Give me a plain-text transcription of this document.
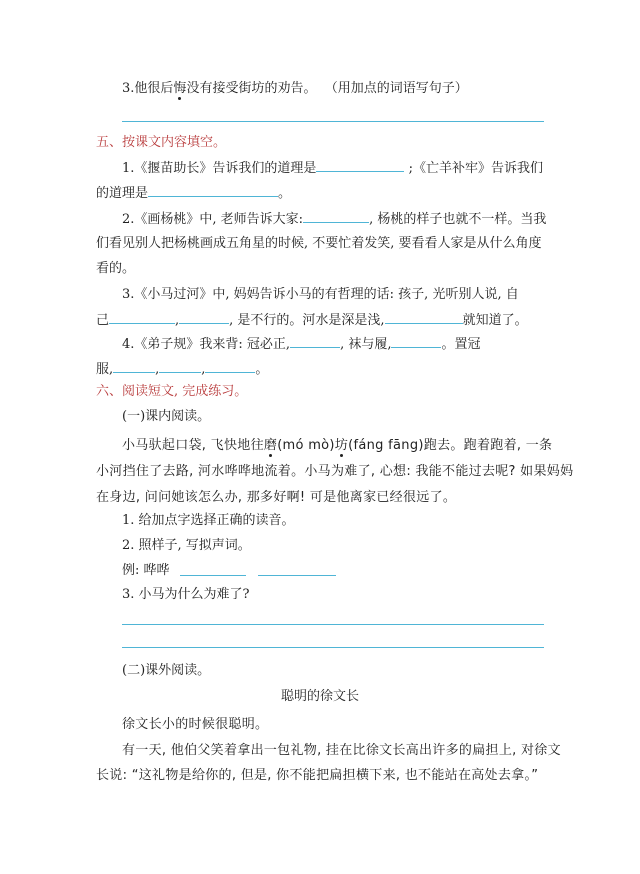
3.他很后悔没有接受街坊的劝告。 （用加点的词语写句子）
五、按课文内容填空。
1.《揠苗助长》告诉我们的道理是	;《亡羊补牢》告诉我们
的道理是	。
2.《画杨桃》中, 老师告诉大家:	, 杨桃的样子也就不一样。当我
们看见别人把杨桃画成五角星的时候, 不要忙着发笑, 要看看人家是从什么角度
看的。
3.《小马过河》中, 妈妈告诉小马的有哲理的话: 孩子, 光听别人说, 自
己	,	, 是不行的。河水是深是浅,	就知道了。
4.《弟子规》我来背: 冠必正,	, 袜与履,	。置冠
服,	,	,	。
六、阅读短文, 完成练习。
(一)课内阅读。
小马驮起口袋, 飞快地往磨(mó mò)坊(fáng fāng)跑去。跑着跑着, 一条
小河挡住了去路, 河水哗哗地流着。小马为难了, 心想: 我能不能过去呢? 如果妈妈
在身边, 问问她该怎么办, 那多好啊! 可是他离家已经很远了。
1. 给加点字选择正确的读音。
2. 照样子, 写拟声词。
例: 哗哗
3. 小马为什么为难了?
(二)课外阅读。
聪明的徐文长
徐文长小的时候很聪明。
有一天, 他伯父笑着拿出一包礼物, 挂在比徐文长高出许多的扁担上, 对徐文
长说: “这礼物是给你的, 但是, 你不能把扁担横下来, 也不能站在高处去拿。”
